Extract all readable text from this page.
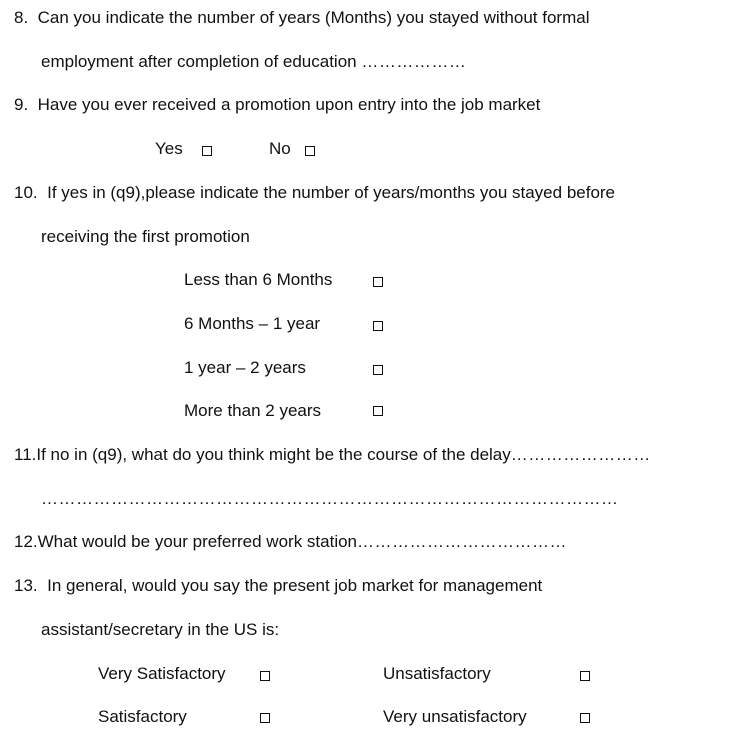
8. Can you indicate the number of years (Months) you stayed without formal
employment after completion of education ………………
9. Have you ever received a promotion upon entry into the job market
Yes	No
10. If yes in (q9),please indicate the number of years/months you stayed before
receiving the first promotion
Less than 6 Months
6 Months – 1 year
1 year – 2 years
More than 2 years
11.If no in (q9), what do you think might be the course of the delay……………………
………………………………………………………………………………………
12.What would be your preferred work station………………………………
13. In general, would you say the present job market for management
assistant/secretary in the US is:
Very Satisfactory	Unsatisfactory
Satisfactory	Very unsatisfactory
